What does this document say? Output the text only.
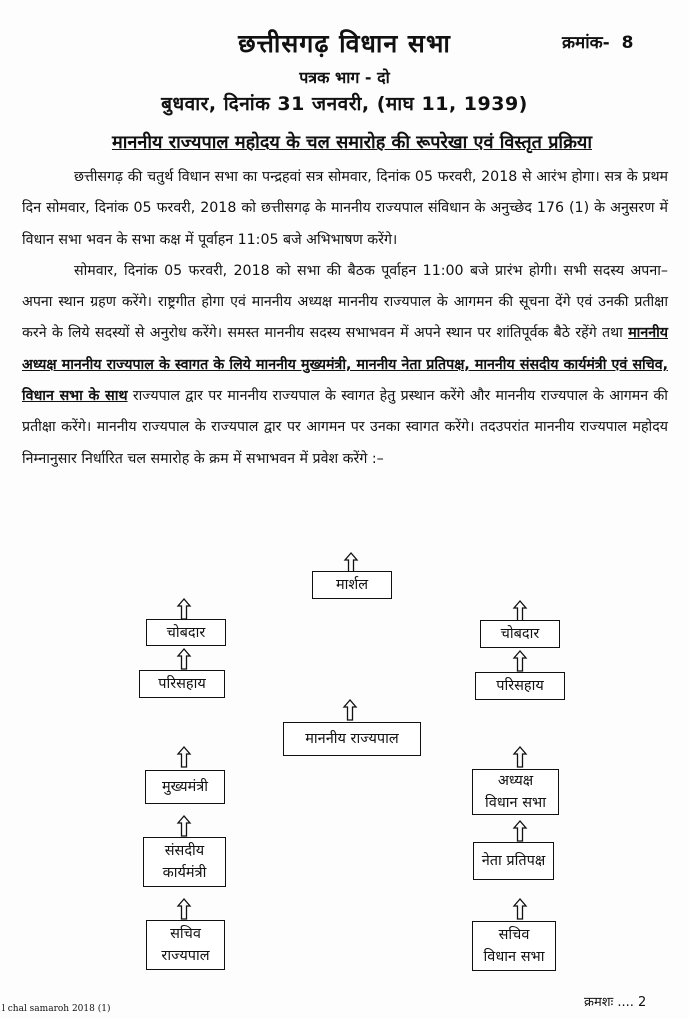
छत्तीसगढ़ विधान सभा	क्रमांक- 8
पत्रक भाग - दो
बुधवार, दिनांक 31 जनवरी, (माघ 11, 1939)
माननीय राज्यपाल महोदय के चल समारोह की रूपरेखा एवं विस्तृत प्रक्रिया

छत्तीसगढ़ की चतुर्थ विधान सभा का पन्द्रहवां सत्र सोमवार, दिनांक 05 फरवरी, 2018 से आरंभ होगा। सत्र के प्रथम दिन सोमवार, दिनांक 05 फरवरी, 2018 को छत्तीसगढ़ के माननीय राज्यपाल संविधान के अनुच्छेद 176 (1) के अनुसरण में विधान सभा भवन के सभा कक्ष में पूर्वाहन 11:05 बजे अभिभाषण करेंगे।

सोमवार, दिनांक 05 फरवरी, 2018 को सभा की बैठक पूर्वाहन 11:00 बजे प्रारंभ होगी। सभी सदस्य अपना–अपना स्थान ग्रहण करेंगे। राष्ट्रगीत होगा एवं माननीय अध्यक्ष माननीय राज्यपाल के आगमन की सूचना देंगे एवं उनकी प्रतीक्षा करने के लिये सदस्यों से अनुरोध करेंगे। समस्त माननीय सदस्य सभाभवन में अपने स्थान पर शांतिपूर्वक बैठे रहेंगे तथा माननीय अध्यक्ष माननीय राज्यपाल के स्वागत के लिये माननीय मुख्यमंत्री, माननीय नेता प्रतिपक्ष, माननीय संसदीय कार्यमंत्री एवं सचिव, विधान सभा के साथ राज्यपाल द्वार पर माननीय राज्यपाल के स्वागत हेतु प्रस्थान करेंगे और माननीय राज्यपाल के आगमन की प्रतीक्षा करेंगे। माननीय राज्यपाल के राज्यपाल द्वार पर आगमन पर उनका स्वागत करेंगे। तदउपरांत माननीय राज्यपाल महोदय निम्नानुसार निर्धारित चल समारोह के क्रम में सभाभवन में प्रवेश करेंगे :–

मार्शल
चोबदार	चोबदार
परिसहाय	परिसहाय
माननीय राज्यपाल
मुख्यमंत्री	अध्यक्ष
विधान सभा
संसदीय
कार्यमंत्री
नेता प्रतिपक्ष
सचिव
राज्यपाल
सचिव
विधान सभा
l chal samaroh 2018 (1)	क्रमशः .... 2
